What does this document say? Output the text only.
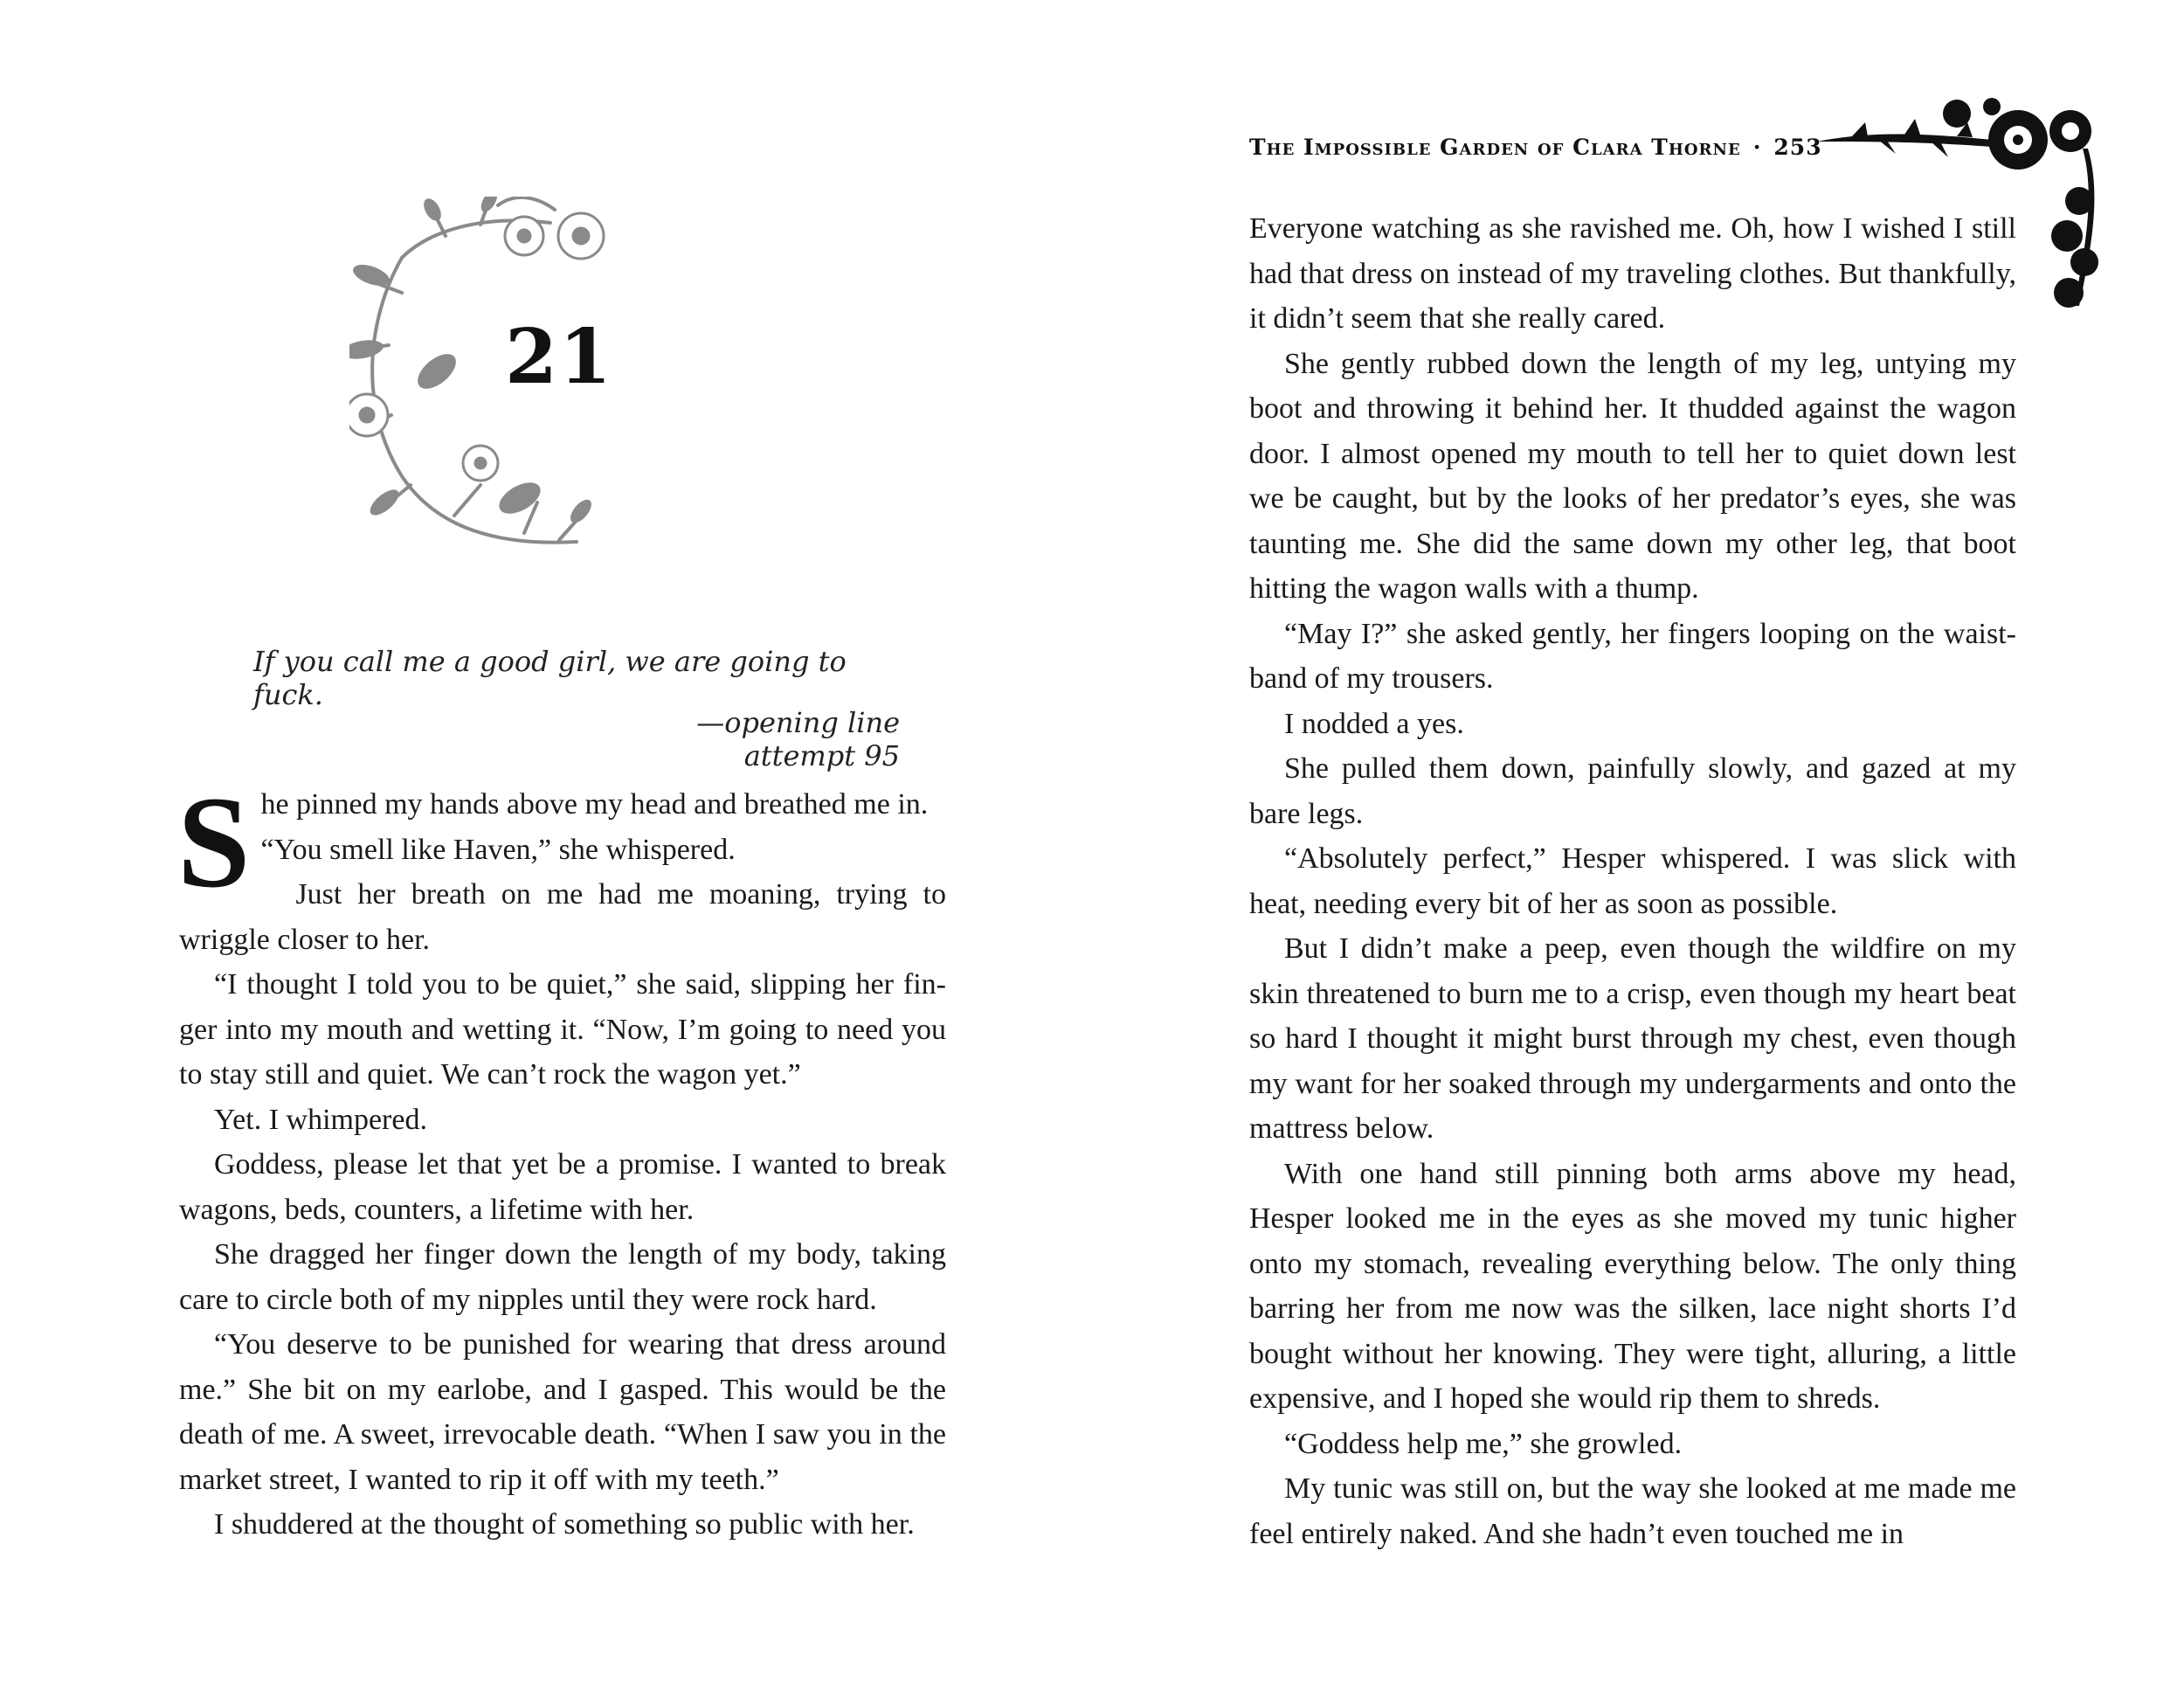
21
If you call me a good girl, we are going to fuck.
—opening line attempt 95

S he pinned my hands above my head and breathed me in.
“You smell like Haven,” she whispered.

Just her breath on me had me moaning, trying to wriggle closer to her.

“I thought I told you to be quiet,” she said, slipping her finger into my mouth and wetting it. “Now, I’m going to need you to stay still and quiet. We can’t rock the wagon yet.”

Yet. I whimpered.

Goddess, please let that yet be a promise. I wanted to break wagons, beds, counters, a lifetime with her.

She dragged her finger down the length of my body, taking care to circle both of my nipples until they were rock hard.

“You deserve to be punished for wearing that dress around me.” She bit on my earlobe, and I gasped. This would be the death of me. A sweet, irrevocable death. “When I saw you in the market street, I wanted to rip it off with my teeth.”

I shuddered at the thought of something so public with her.

The Impossible Garden of Clara Thorne · 253

Everyone watching as she ravished me. Oh, how I wished I still had that dress on instead of my traveling clothes. But thankfully, it didn’t seem that she really cared.

She gently rubbed down the length of my leg, untying my boot and throwing it behind her. It thudded against the wagon door. I almost opened my mouth to tell her to quiet down lest we be caught, but by the looks of her predator’s eyes, she was taunting me. She did the same down my other leg, that boot hitting the wagon walls with a thump.

“May I?” she asked gently, her fingers looping on the waistband of my trousers.

I nodded a yes.

She pulled them down, painfully slowly, and gazed at my bare legs.

“Absolutely perfect,” Hesper whispered. I was slick with heat, needing every bit of her as soon as possible.

But I didn’t make a peep, even though the wildfire on my skin threatened to burn me to a crisp, even though my heart beat so hard I thought it might burst through my chest, even though my want for her soaked through my undergarments and onto the mattress below.

With one hand still pinning both arms above my head, Hesper looked me in the eyes as she moved my tunic higher onto my stomach, revealing everything below. The only thing barring her from me now was the silken, lace night shorts I’d bought without her knowing. They were tight, alluring, a little expensive, and I hoped she would rip them to shreds.

“Goddess help me,” she growled.

My tunic was still on, but the way she looked at me made me feel entirely naked. And she hadn’t even touched me in
